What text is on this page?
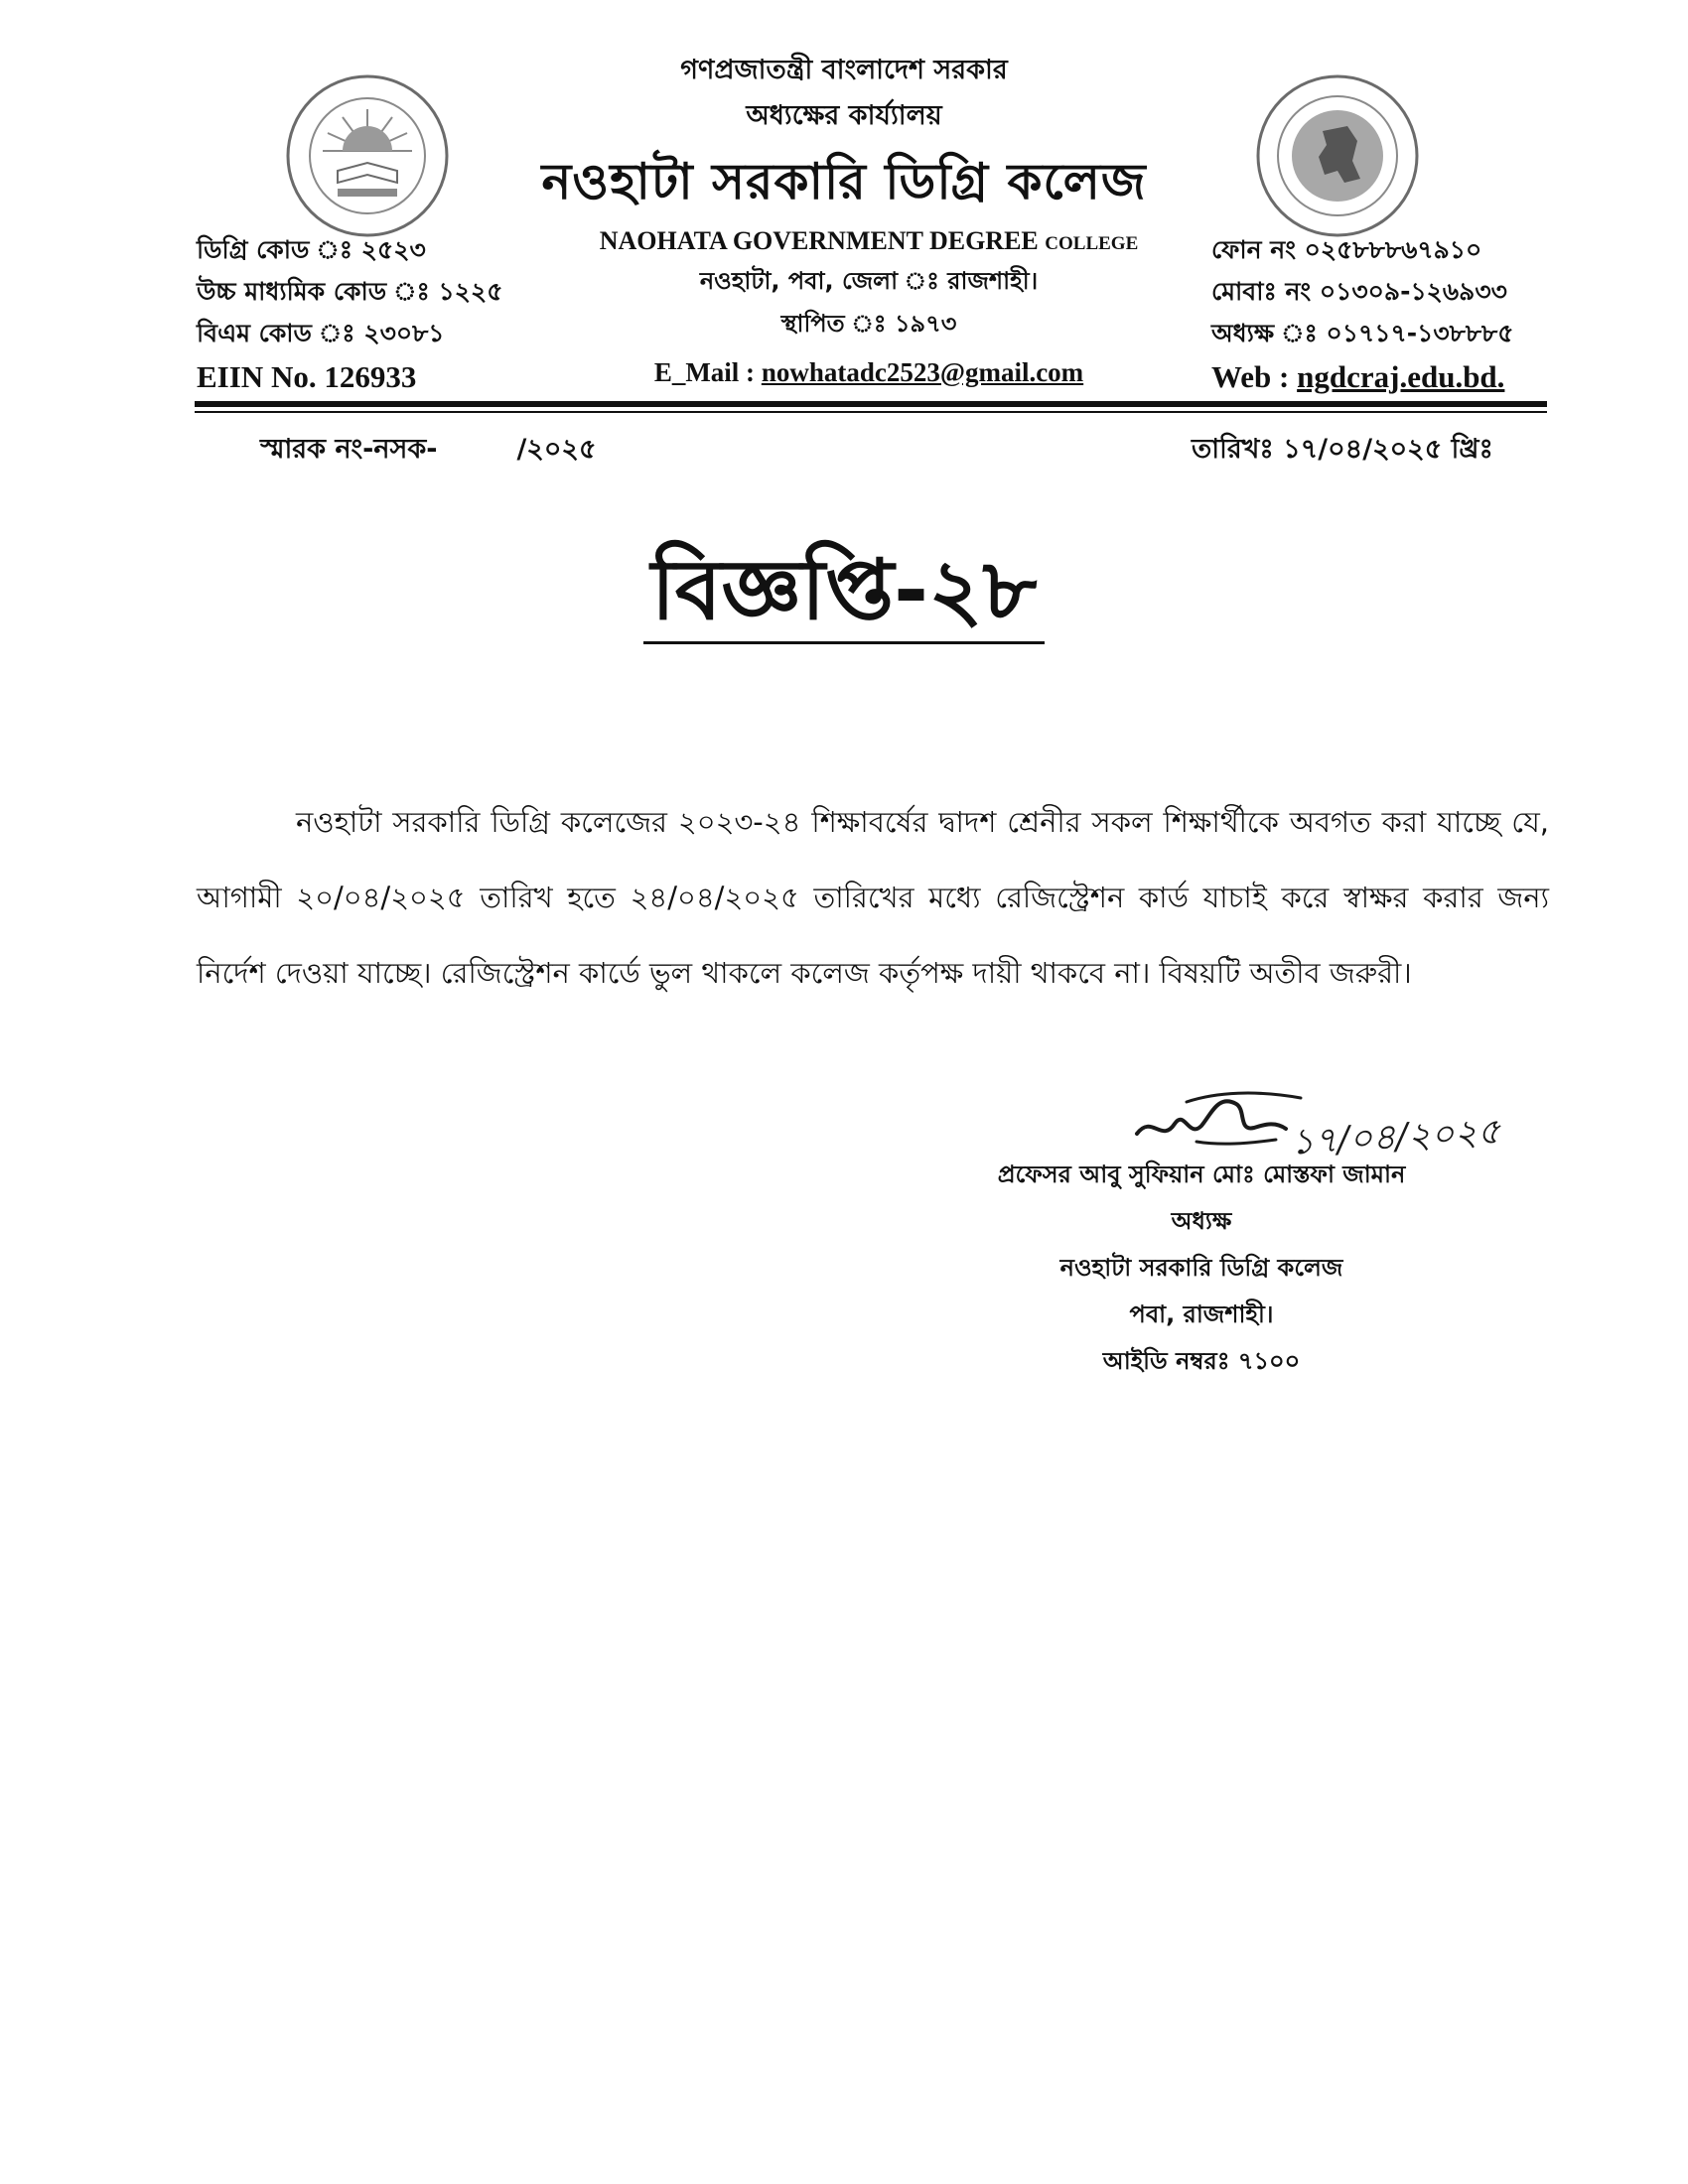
গণপ্রজাতন্ত্রী বাংলাদেশ সরকার
অধ্যক্ষের কার্য্যালয়
নওহাটা সরকারি ডিগ্রি কলেজ
NAOHATA GOVERNMENT DEGREE COLLEGE
নওহাটা, পবা, জেলা ঃ রাজশাহী।
স্থাপিত ঃ ১৯৭৩
E_Mail : nowhatadc2523@gmail.com
ডিগ্রি কোড ঃ ২৫২৩
উচ্চ মাধ্যমিক কোড ঃ ১২২৫
বিএম কোড ঃ ২৩০৮১
EIIN No. 126933
ফোন নং ০২৫৮৮৮৬৭৯১০
মোবাঃ নং ০১৩০৯-১২৬৯৩৩
অধ্যক্ষ ঃ ০১৭১৭-১৩৮৮৮৫
Web : ngdcraj.edu.bd.
স্মারক নং-নসক-	/২০২৫	তারিখঃ ১৭/০৪/২০২৫ খ্রিঃ
বিজ্ঞপ্তি-২৮

নওহাটা সরকারি ডিগ্রি কলেজের ২০২৩-২৪ শিক্ষাবর্ষের দ্বাদশ শ্রেনীর সকল শিক্ষার্থীকে অবগত করা যাচ্ছে যে, আগামী ২০/০৪/২০২৫ তারিখ হতে ২৪/০৪/২০২৫ তারিখের মধ্যে রেজিস্ট্রেশন কার্ড যাচাই করে স্বাক্ষর করার জন্য নির্দেশ দেওয়া যাচ্ছে। রেজিস্ট্রেশন কার্ডে ভুল থাকলে কলেজ কর্তৃপক্ষ দায়ী থাকবে না। বিষয়টি অতীব জরুরী।

১৭/০৪/২০২৫
প্রফেসর আবু সুফিয়ান মোঃ মোস্তফা জামান
অধ্যক্ষ
নওহাটা সরকারি ডিগ্রি কলেজ
পবা, রাজশাহী।
আইডি নম্বরঃ ৭১০০
